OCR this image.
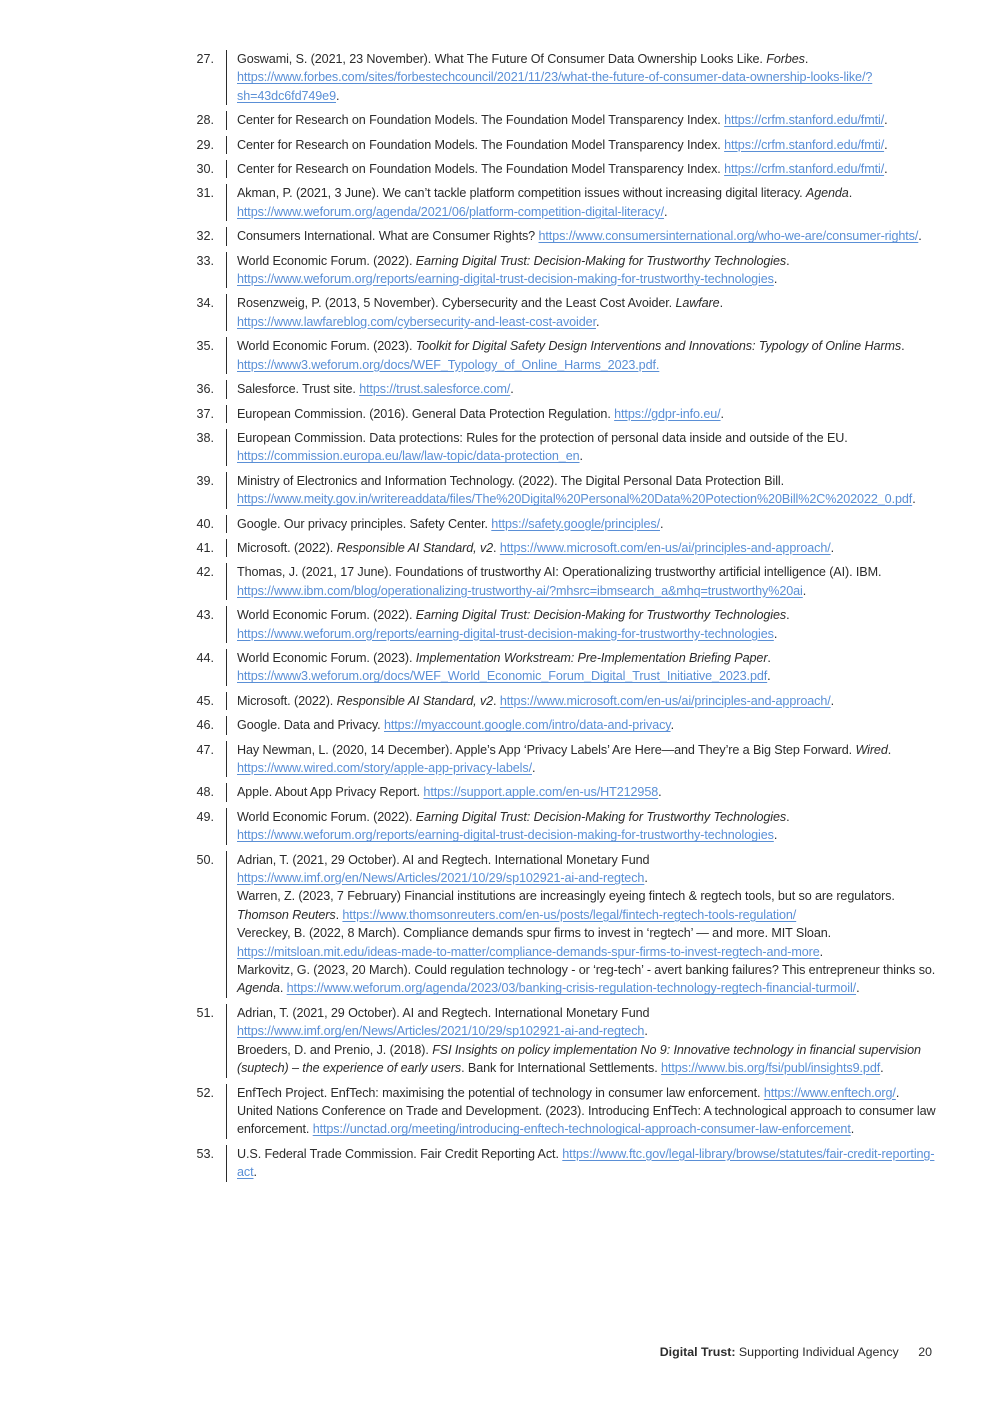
27. Goswami, S. (2021, 23 November). What The Future Of Consumer Data Ownership Looks Like. Forbes. https://www.forbes.com/sites/forbestechcouncil/2021/11/23/what-the-future-of-consumer-data-ownership-looks-like/?sh=43dc6fd749e9.

28. Center for Research on Foundation Models. The Foundation Model Transparency Index. https://crfm.stanford.edu/fmti/.

29. Center for Research on Foundation Models. The Foundation Model Transparency Index. https://crfm.stanford.edu/fmti/.

30. Center for Research on Foundation Models. The Foundation Model Transparency Index. https://crfm.stanford.edu/fmti/.

31. Akman, P. (2021, 3 June). We can’t tackle platform competition issues without increasing digital literacy. Agenda. https://www.weforum.org/agenda/2021/06/platform-competition-digital-literacy/.

32. Consumers International. What are Consumer Rights? https://www.consumersinternational.org/who-we-are/consumer-rights/.

33. World Economic Forum. (2022). Earning Digital Trust: Decision-Making for Trustworthy Technologies. https://www.weforum.org/reports/earning-digital-trust-decision-making-for-trustworthy-technologies.

34. Rosenzweig, P. (2013, 5 November). Cybersecurity and the Least Cost Avoider. Lawfare. https://www.lawfareblog.com/cybersecurity-and-least-cost-avoider.

35. World Economic Forum. (2023). Toolkit for Digital Safety Design Interventions and Innovations: Typology of Online Harms. https://www3.weforum.org/docs/WEF_Typology_of_Online_Harms_2023.pdf.

36. Salesforce. Trust site. https://trust.salesforce.com/.

37. European Commission. (2016). General Data Protection Regulation. https://gdpr-info.eu/.

38. European Commission. Data protections: Rules for the protection of personal data inside and outside of the EU. https://commission.europa.eu/law/law-topic/data-protection_en.

39. Ministry of Electronics and Information Technology. (2022). The Digital Personal Data Protection Bill. https://www.meity.gov.in/writereaddata/files/The%20Digital%20Personal%20Data%20Potection%20Bill%2C%202022_0.pdf.

40. Google. Our privacy principles. Safety Center. https://safety.google/principles/.

41. Microsoft. (2022). Responsible AI Standard, v2. https://www.microsoft.com/en-us/ai/principles-and-approach/.

42. Thomas, J. (2021, 17 June). Foundations of trustworthy AI: Operationalizing trustworthy artificial intelligence (AI). IBM. https://www.ibm.com/blog/operationalizing-trustworthy-ai/?mhsrc=ibmsearch_a&mhq=trustworthy%20ai.

43. World Economic Forum. (2022). Earning Digital Trust: Decision-Making for Trustworthy Technologies. https://www.weforum.org/reports/earning-digital-trust-decision-making-for-trustworthy-technologies.

44. World Economic Forum. (2023). Implementation Workstream: Pre-Implementation Briefing Paper. https://www3.weforum.org/docs/WEF_World_Economic_Forum_Digital_Trust_Initiative_2023.pdf.

45. Microsoft. (2022). Responsible AI Standard, v2. https://www.microsoft.com/en-us/ai/principles-and-approach/.

46. Google. Data and Privacy. https://myaccount.google.com/intro/data-and-privacy.

47. Hay Newman, L. (2020, 14 December). Apple’s App ‘Privacy Labels’ Are Here—and They’re a Big Step Forward. Wired. https://www.wired.com/story/apple-app-privacy-labels/.

48. Apple. About App Privacy Report. https://support.apple.com/en-us/HT212958.

49. World Economic Forum. (2022). Earning Digital Trust: Decision-Making for Trustworthy Technologies. https://www.weforum.org/reports/earning-digital-trust-decision-making-for-trustworthy-technologies.

50. Adrian, T. (2021, 29 October). AI and Regtech. International Monetary Fund https://www.imf.org/en/News/Articles/2021/10/29/sp102921-ai-and-regtech.

Warren, Z. (2023, 7 February) Financial institutions are increasingly eyeing fintech & regtech tools, but so are regulators. Thomson Reuters. https://www.thomsonreuters.com/en-us/posts/legal/fintech-regtech-tools-regulation/

Vereckey, B. (2022, 8 March). Compliance demands spur firms to invest in ‘regtech’ — and more. MIT Sloan. https://mitsloan.mit.edu/ideas-made-to-matter/compliance-demands-spur-firms-to-invest-regtech-and-more.

Markovitz, G. (2023, 20 March). Could regulation technology - or ‘reg-tech’ - avert banking failures? This entrepreneur thinks so. Agenda. https://www.weforum.org/agenda/2023/03/banking-crisis-regulation-technology-regtech-financial-turmoil/.

51. Adrian, T. (2021, 29 October). AI and Regtech. International Monetary Fund https://www.imf.org/en/News/Articles/2021/10/29/sp102921-ai-and-regtech.

Broeders, D. and Prenio, J. (2018). FSI Insights on policy implementation No 9: Innovative technology in financial supervision (suptech) – the experience of early users. Bank for International Settlements. https://www.bis.org/fsi/publ/insights9.pdf.

52. EnfTech Project. EnfTech: maximising the potential of technology in consumer law enforcement. https://www.enftech.org/.

United Nations Conference on Trade and Development. (2023). Introducing EnfTech: A technological approach to consumer law enforcement. https://unctad.org/meeting/introducing-enftech-technological-approach-consumer-law-enforcement.

53. U.S. Federal Trade Commission. Fair Credit Reporting Act. https://www.ftc.gov/legal-library/browse/statutes/fair-credit-reporting-act.

Digital Trust: Supporting Individual Agency 20
